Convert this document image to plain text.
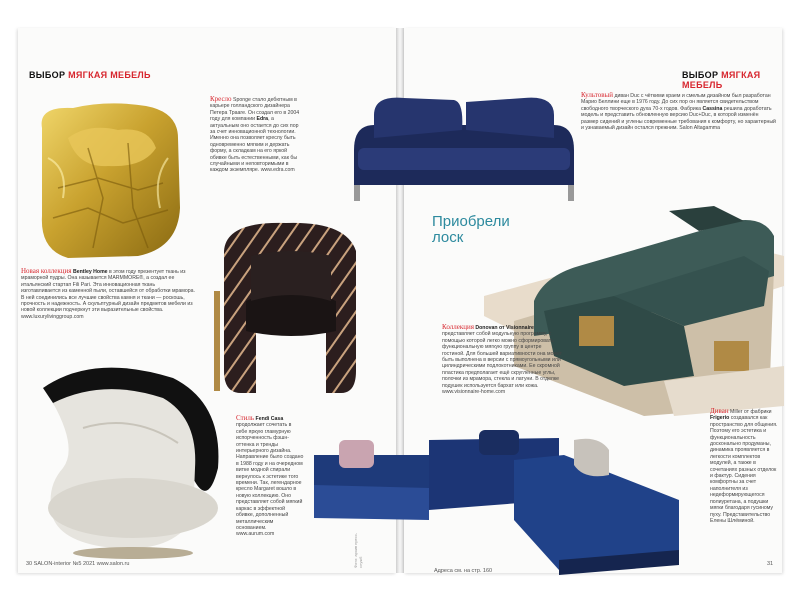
ВЫБОР МЯГКАЯ МЕБЕЛЬ
Кресло Sponge стало дебютным в карьере голландского дизайнера Петера Трааге. Он создал его в 2004 году для компании Edra, а актуальным оно остается до сих пор за счет инновационной технологии. Именно она позволяет креслу быть одновременно мягким и держать форму, а складкам на его яркой обивке быть естественными, как бы случайными и неповторимыми в каждом экземпляре. www.edra.com
Новая коллекция Bentley Home в этом году презентует ткань из мраморной пудры. Она называется MARMMORE®, а создал ее итальянский стартап Fili Pari. Эта инновационная ткань изготавливается из каменной пыли, оставшейся от обработки мрамора. В ней соединились все лучшие свойства камня и ткани — роскошь, прочность и надежность. А скульптурный дизайн предметов мебели из новой коллекции подчеркнут эти выразительные свойства. www.luxurylivinggroup.com
Стиль Fendi Casa продолжает сочетать в себе яркую гламурную испорченность фэшн-оттенка и тренды интерьерного дизайна. Направление было создано в 1988 году и на очередном витке модной спирали вернулось к эстетике того времени. Так, легендарное кресло Margaret вошло в новую коллекцию. Оно представляет собой мягкий каркас в эффектной обивке, дополненный металлическим основанием. www.aurum.com	Фото: архив пресс-служб
30 SALON-interior №5 2021 www.salon.ru
ВЫБОР МЯГКАЯ МЕБЕЛЬ
Культовый диван Duc с чёткими краем и смелым дизайном был разработан Марио Беллини еще в 1976 году. До сих пор он является свидетельством свободного творческого духа 70-х годов. Фабрика Cassina решила доработать модель и представить обновленную версию Duc+Duc, в которой изменён размер сидений и углены современные требования к комфорту, но характерный и узнаваемый дизайн остался прежним. Salon Altagamma
Приобрели
лоск
Коллекция Donovan от Visionnaire представляет собой модульную программу, с помощью которой легко можно сформировать функциональную мягкую группу в центре гостиной. Для большей вариативности она может быть выполнена в версии с прямоугольными или цилиндрическими подлокотниками. Ее скромной пластика предполагает ещё скруглённые углы, полочки из мрамора, стекла и латуни. В отделке подушек используется бархат или кожа. www.visionnaire-home.com
Диван Miller от фабрики Frigerio создавался как пространство для общения. Поэтому его эстетика и функциональность досконально продуманы, динамика проявляется в легкости комплектов модулей, а также в сочетаниях разных отделок и фактур. Сидения комфортны за счет наполнителя из недеформирующегося полиуретана, а подушки мягки благодаря гусиному пуху. Представительство Елены Шлёминой.
Адреса см. на стр. 160
31
